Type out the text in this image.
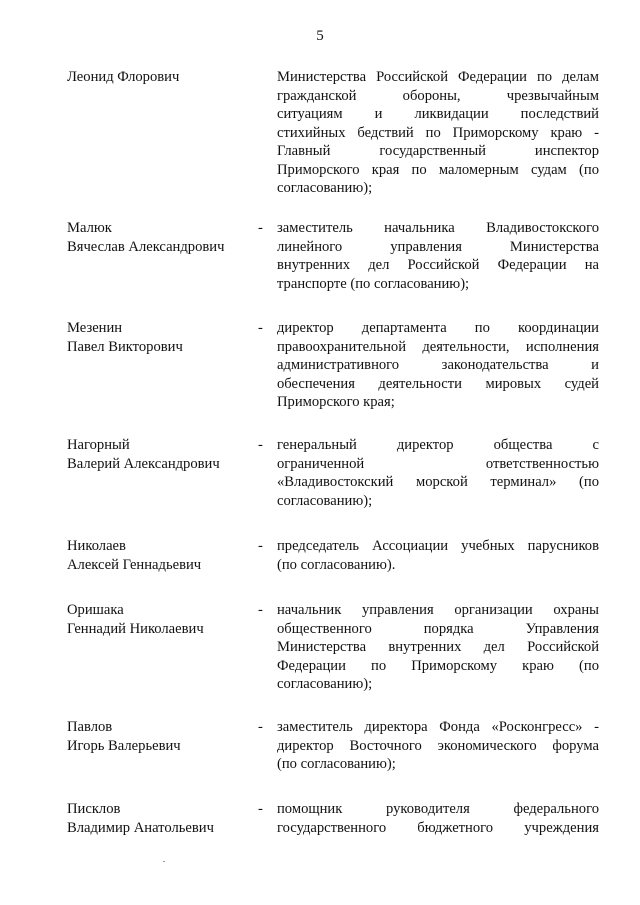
5
Леонид Флорович	Министерства Российской Федерации по делам
гражданской обороны, чрезвычайным
ситуациям и ликвидации последствий
стихийных бедствий по Приморскому краю -
Главный государственный инспектор
Приморского края по маломерным судам (по
согласованию);
Малюк
Вячеслав Александрович
- заместитель начальника Владивостокского
линейного управления Министерства
внутренних дел Российской Федерации на
транспорте (по согласованию);
Мезенин
Павел Викторович
- директор департамента по координации
правоохранительной деятельности, исполнения
административного законодательства и
обеспечения деятельности мировых судей
Приморского края;
Нагорный
Валерий Александрович
- генеральный директор общества с
ограниченной ответственностью
«Владивостокский морской терминал» (по
согласованию);
Николаев
Алексей Геннадьевич
- председатель Ассоциации учебных парусников
(по согласованию).
Оришака
Геннадий Николаевич
- начальник управления организации охраны
общественного порядка Управления
Министерства внутренних дел Российской
Федерации по Приморскому краю (по
согласованию);
Павлов
Игорь Валерьевич
- заместитель директора Фонда «Росконгресс» -
директор Восточного экономического форума
(по согласованию);
Писклов
Владимир Анатольевич
- помощник руководителя федерального
государственного бюджетного учреждения
